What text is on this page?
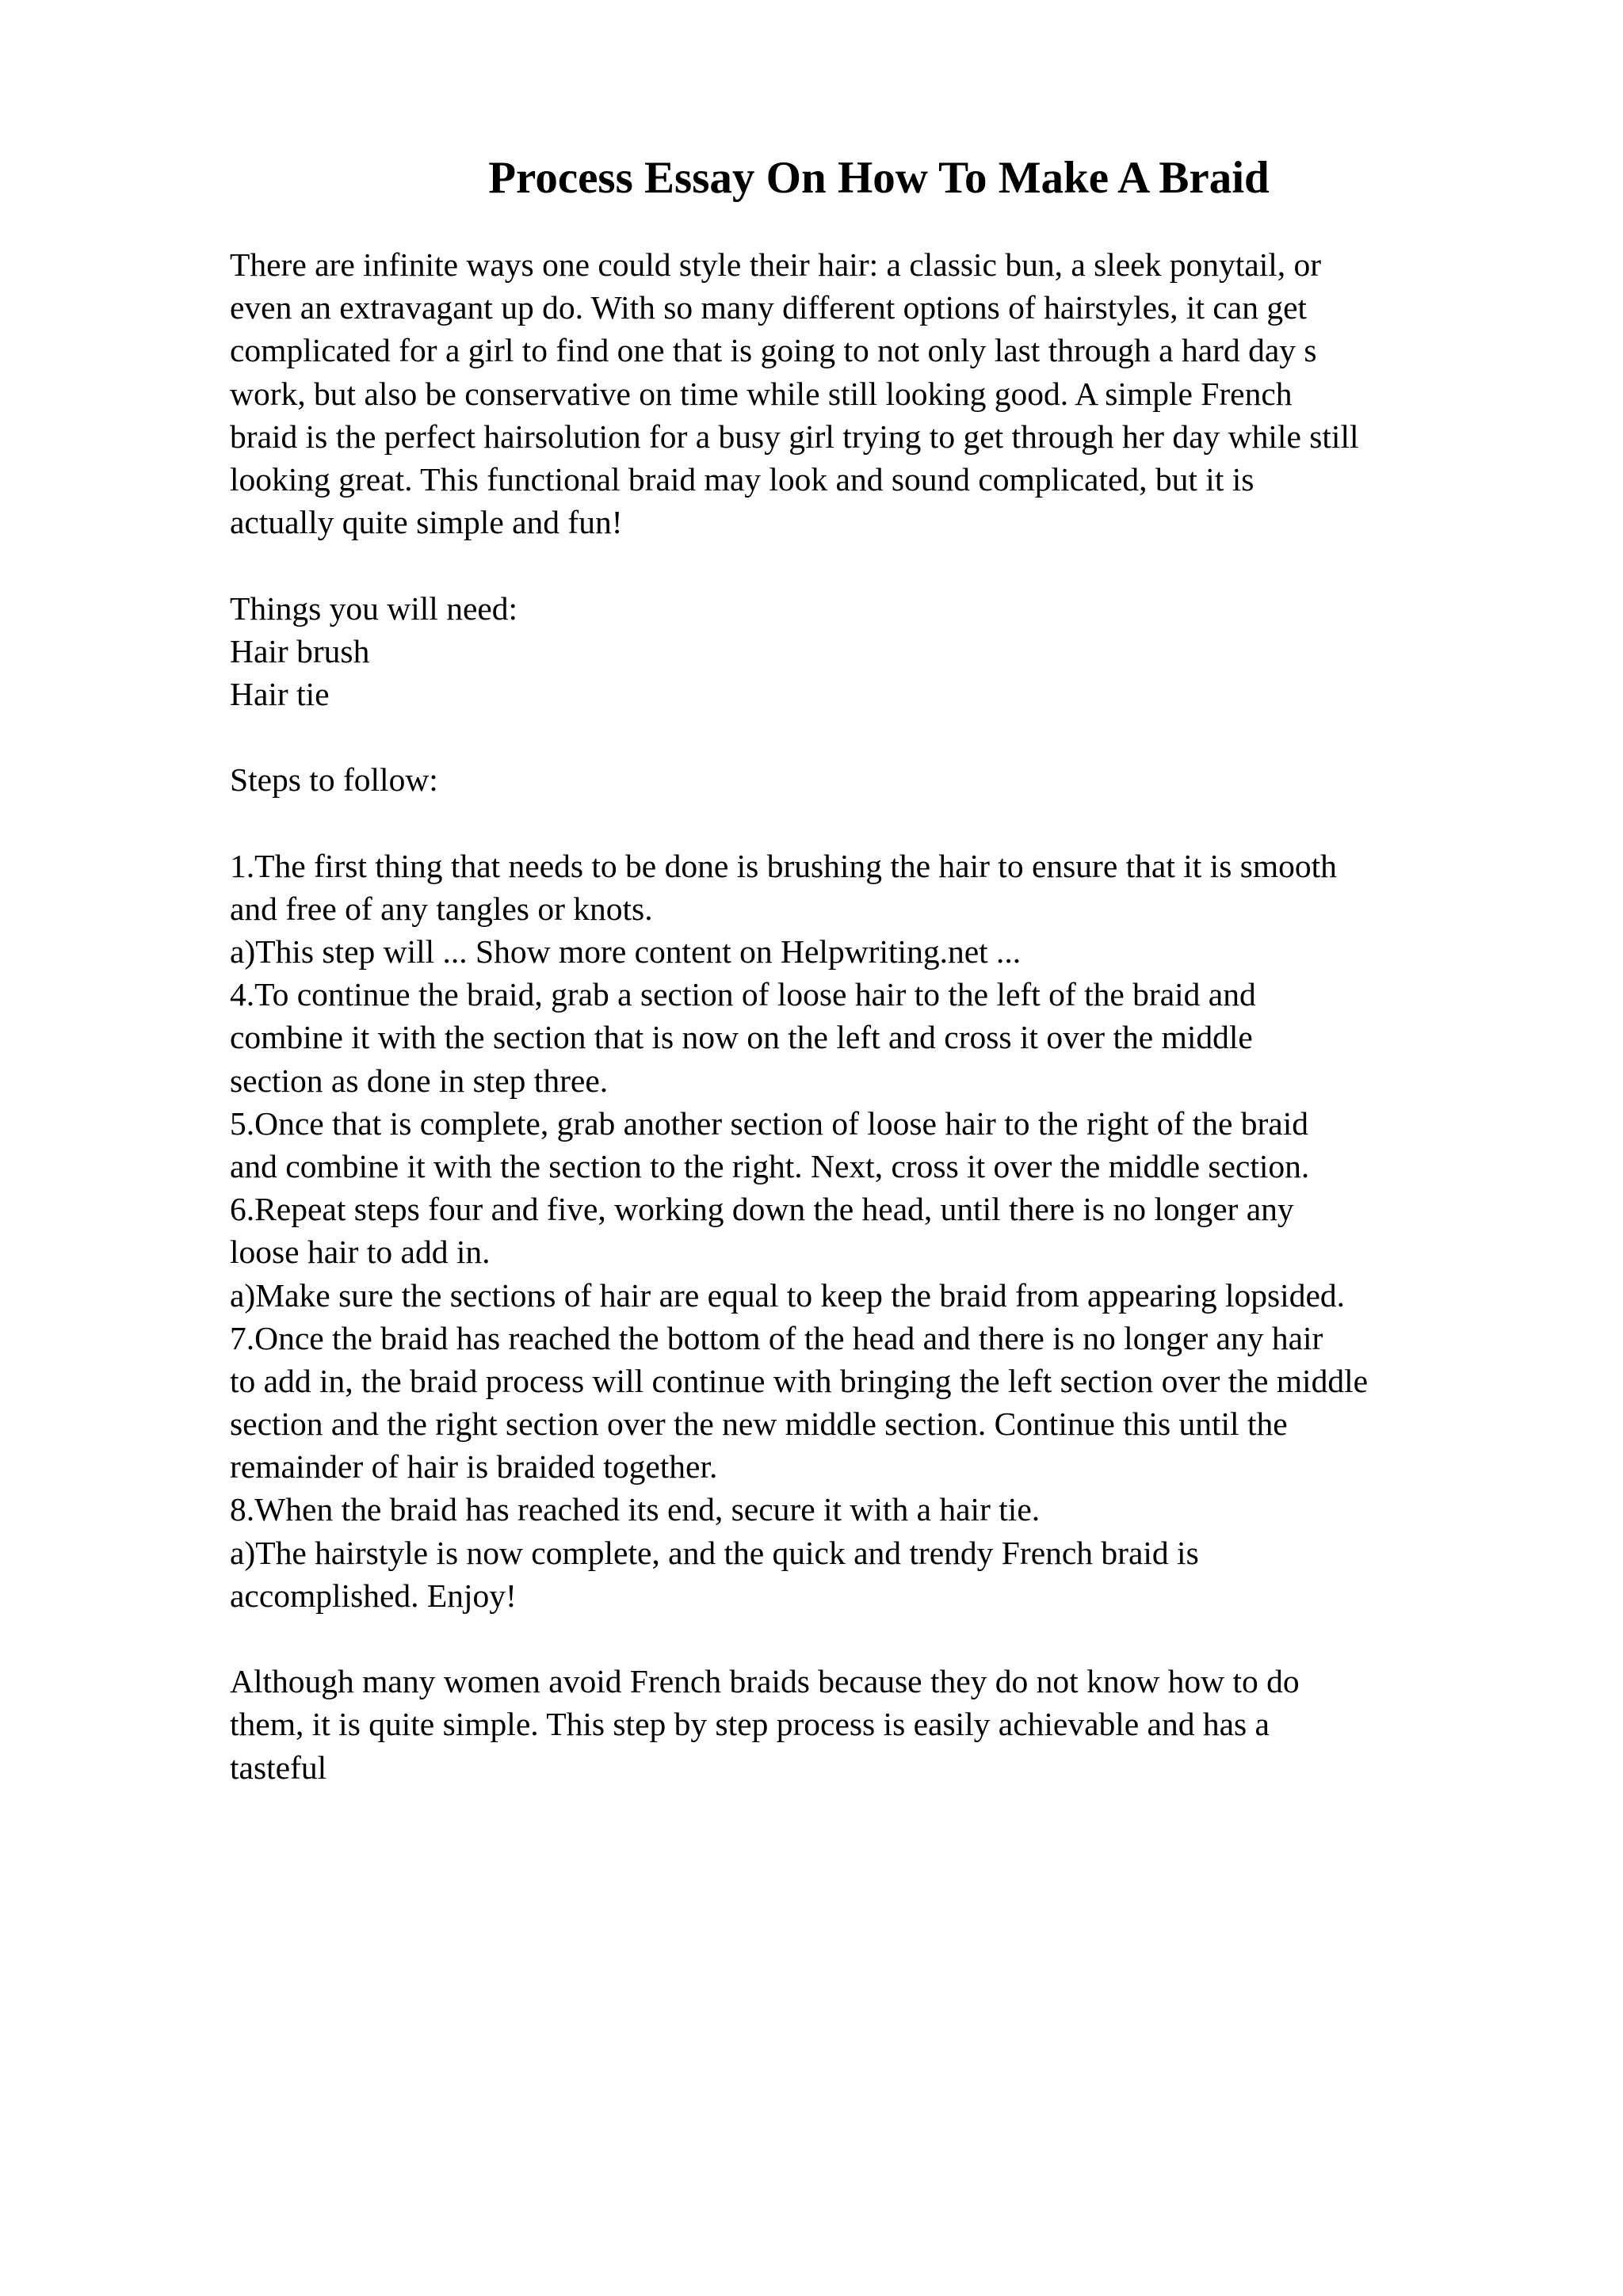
Process Essay On How To Make A Braid
There are infinite ways one could style their hair: a classic bun, a sleek ponytail, or
even an extravagant up do. With so many different options of hairstyles, it can get
complicated for a girl to find one that is going to not only last through a hard day s
work, but also be conservative on time while still looking good. A simple French
braid is the perfect hairsolution for a busy girl trying to get through her day while still
looking great. This functional braid may look and sound complicated, but it is
actually quite simple and fun!
Things you will need:
Hair brush
Hair tie
Steps to follow:
1.The first thing that needs to be done is brushing the hair to ensure that it is smooth
and free of any tangles or knots.
a)This step will ... Show more content on Helpwriting.net ...
4.To continue the braid, grab a section of loose hair to the left of the braid and
combine it with the section that is now on the left and cross it over the middle
section as done in step three.
5.Once that is complete, grab another section of loose hair to the right of the braid
and combine it with the section to the right. Next, cross it over the middle section.
6.Repeat steps four and five, working down the head, until there is no longer any
loose hair to add in.
a)Make sure the sections of hair are equal to keep the braid from appearing lopsided.
7.Once the braid has reached the bottom of the head and there is no longer any hair
to add in, the braid process will continue with bringing the left section over the middle
section and the right section over the new middle section. Continue this until the
remainder of hair is braided together.
8.When the braid has reached its end, secure it with a hair tie.
a)The hairstyle is now complete, and the quick and trendy French braid is
accomplished. Enjoy!
Although many women avoid French braids because they do not know how to do
them, it is quite simple. This step by step process is easily achievable and has a
tasteful
